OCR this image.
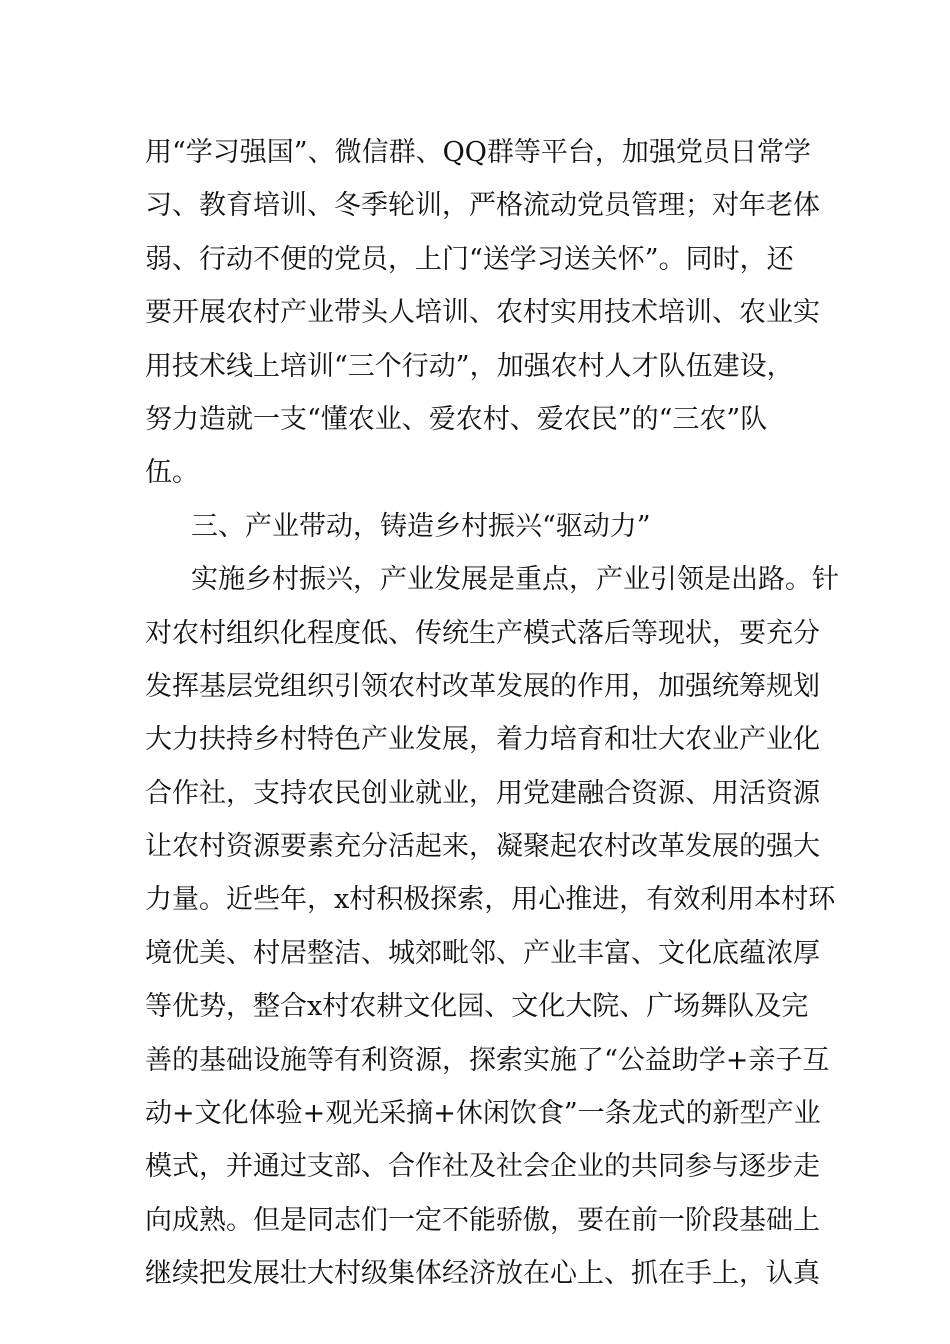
用“学习强国”、微信群、QQ群等平台，加强党员日常学
习、教育培训、冬季轮训，严格流动党员管理；对年老体
弱、行动不便的党员，上门“送学习送关怀”。同时，还
要开展农村产业带头人培训、农村实用技术培训、农业实
用技术线上培训“三个行动”，加强农村人才队伍建设，
努力造就一支“懂农业、爱农村、爱农民”的“三农”队
伍。
三、产业带动，铸造乡村振兴“驱动力”
实施乡村振兴，产业发展是重点，产业引领是出路。针
对农村组织化程度低、传统生产模式落后等现状，要充分
发挥基层党组织引领农村改革发展的作用，加强统筹规划
大力扶持乡村特色产业发展，着力培育和壮大农业产业化
合作社，支持农民创业就业，用党建融合资源、用活资源
让农村资源要素充分活起来，凝聚起农村改革发展的强大
力量。近些年，x村积极探索，用心推进，有效利用本村环
境优美、村居整洁、城郊毗邻、产业丰富、文化底蕴浓厚
等优势，整合x村农耕文化园、文化大院、广场舞队及完
善的基础设施等有利资源，探索实施了“公益助学+亲子互
动+文化体验+观光采摘+休闲饮食”一条龙式的新型产业
模式，并通过支部、合作社及社会企业的共同参与逐步走
向成熟。但是同志们一定不能骄傲，要在前一阶段基础上
继续把发展壮大村级集体经济放在心上、抓在手上，认真
